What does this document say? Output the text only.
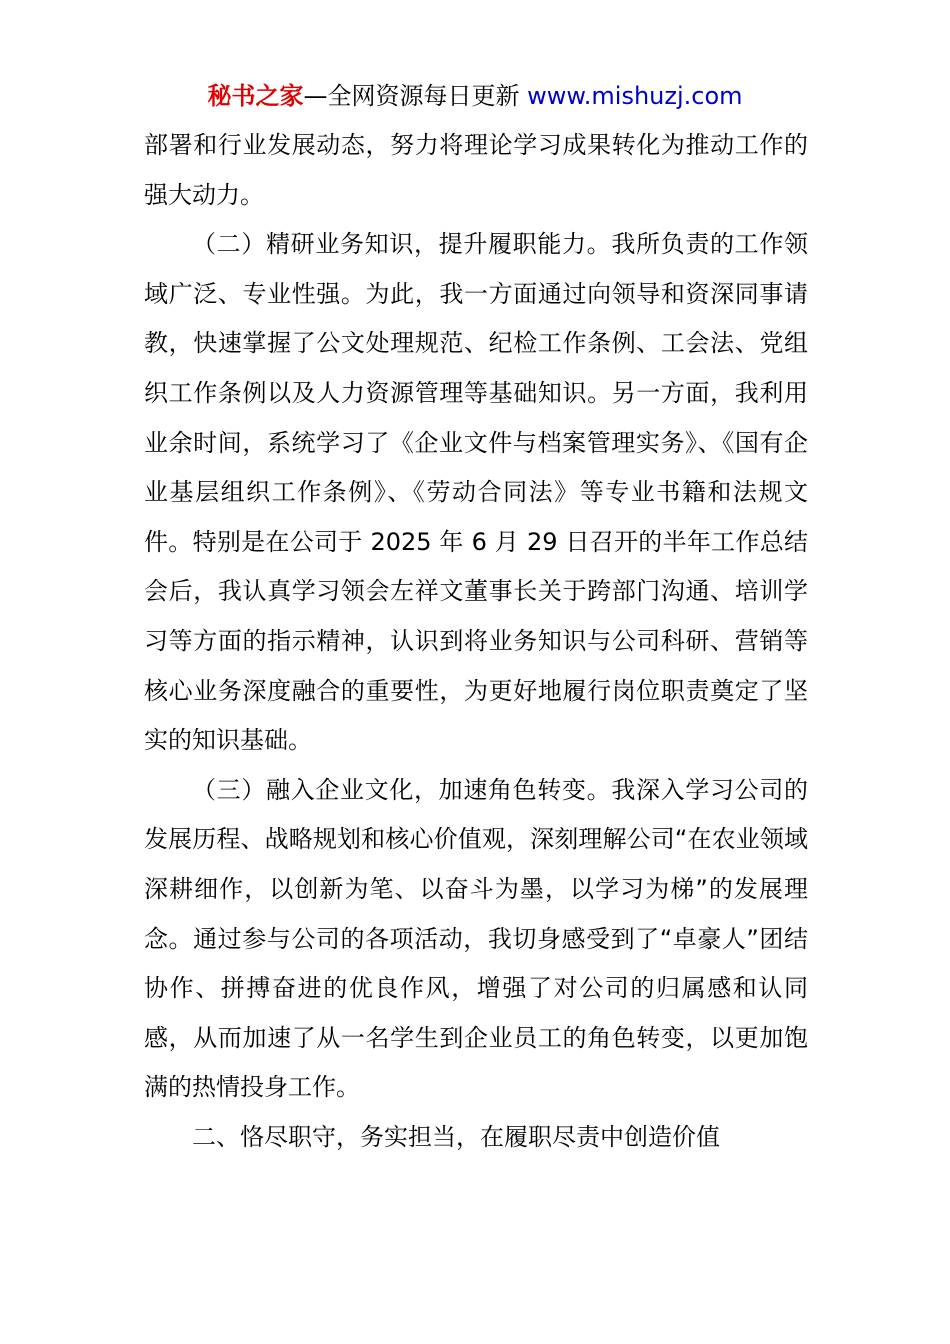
秘书之家—全网资源每日更新 www.mishuzj.com

部署和行业发展动态，努力将理论学习成果转化为推动工作的强大动力。

（二）精研业务知识，提升履职能力。我所负责的工作领域广泛、专业性强。为此，我一方面通过向领导和资深同事请教，快速掌握了公文处理规范、纪检工作条例、工会法、党组织工作条例以及人力资源管理等基础知识。另一方面，我利用业余时间，系统学习了《企业文件与档案管理实务》、《国有企业基层组织工作条例》、《劳动合同法》等专业书籍和法规文件。特别是在公司于 2025 年 6 月 29 日召开的半年工作总结会后，我认真学习领会左祥文董事长关于跨部门沟通、培训学习等方面的指示精神，认识到将业务知识与公司科研、营销等核心业务深度融合的重要性，为更好地履行岗位职责奠定了坚实的知识基础。

（三）融入企业文化，加速角色转变。我深入学习公司的发展历程、战略规划和核心价值观，深刻理解公司“在农业领域深耕细作，以创新为笔、以奋斗为墨，以学习为梯”的发展理念。通过参与公司的各项活动，我切身感受到了“卓豪人”团结协作、拼搏奋进的优良作风，增强了对公司的归属感和认同感，从而加速了从一名学生到企业员工的角色转变，以更加饱满的热情投身工作。

二、恪尽职守，务实担当，在履职尽责中创造价值
